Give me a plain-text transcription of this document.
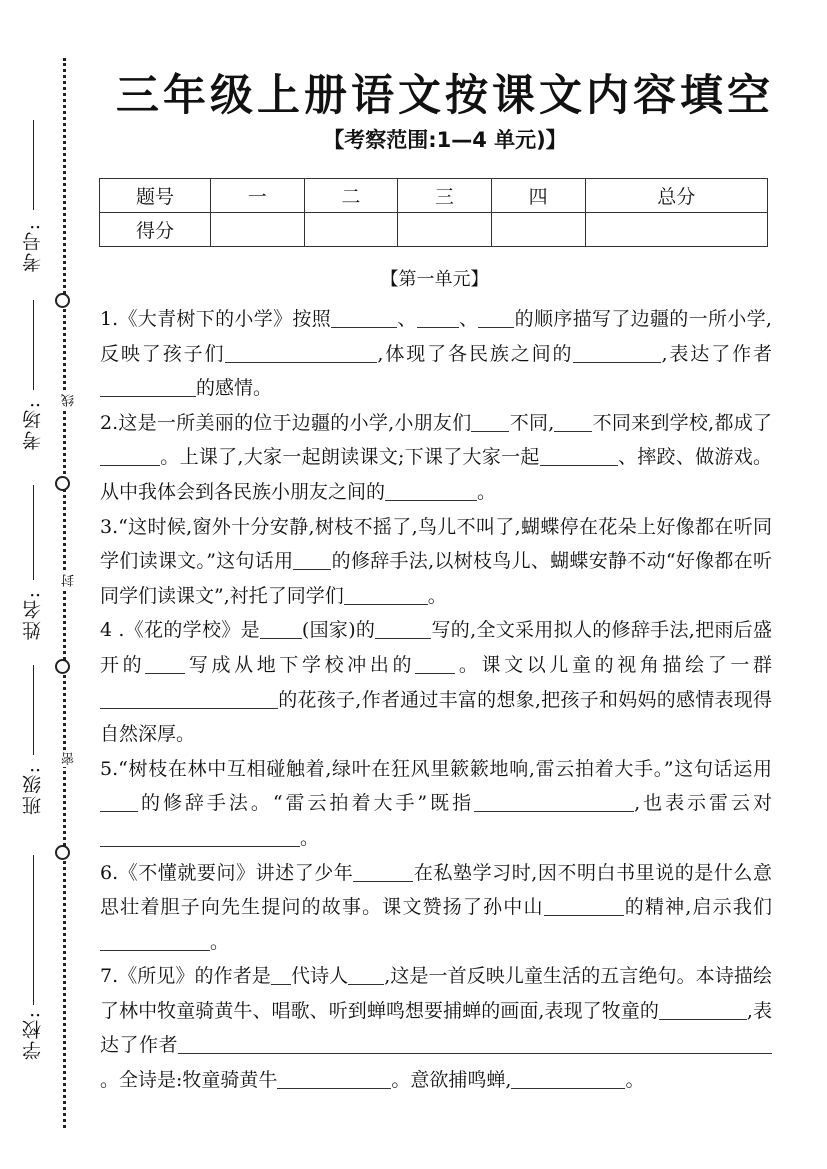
考号:
考场: 线
姓名:
封
班级:
密
学校:
三年级上册语文按课文内容填空
【考察范围:1—4 单元)】
题号	一	二	三	四	总分
得分					
【第一单元】

1.《大青树下的小学》按照	、 、 的顺序描写了边疆的一所小学,反映了孩子们	,体现了各民族之间的	,表达了作者的感情。

2.这是一所美丽的位于边疆的小学,小朋友们 不同, 不同来到学校,都成了。上课了,大家一起朗读课文;下课了大家一起	、摔跤、做游戏。从中我体会到各民族小朋友之间的	。

3.“这时候,窗外十分安静,树枝不摇了,鸟儿不叫了,蝴蝶停在花朵上好像都在听同学们读课文。”这句话用 的修辞手法,以树枝鸟儿、蝴蝶安静不动“好像都在听同学们读课文”,衬托了同学们	。

4 .《花的学校》是 (国家)的	写的,全文采用拟人的修辞手法,把雨后盛开的 写成从地下学校冲出的 。课文以儿童的视角描绘了一群的花孩子,作者通过丰富的想象,把孩子和妈妈的感情表现得自然深厚。

5.“树枝在林中互相碰触着,绿叶在狂风里簌簌地响,雷云拍着大手。”这句话运用的修辞手法。“雷云拍着大手”既指	,也表示雷云对。

6.《不懂就要问》讲述了少年	在私塾学习时,因不明白书里说的是什么意思壮着胆子向先生提问的故事。课文赞扬了孙中山	的精神,启示我们。

7.《所见》的作者是 代诗人 ,这是一首反映儿童生活的五言绝句。本诗描绘了林中牧童骑黄牛、唱歌、听到蝉鸣想要捕蝉的画面,表现了牧童的	,表达了作者。全诗是:牧童骑黄牛	。意欲捕鸣蝉,	。
